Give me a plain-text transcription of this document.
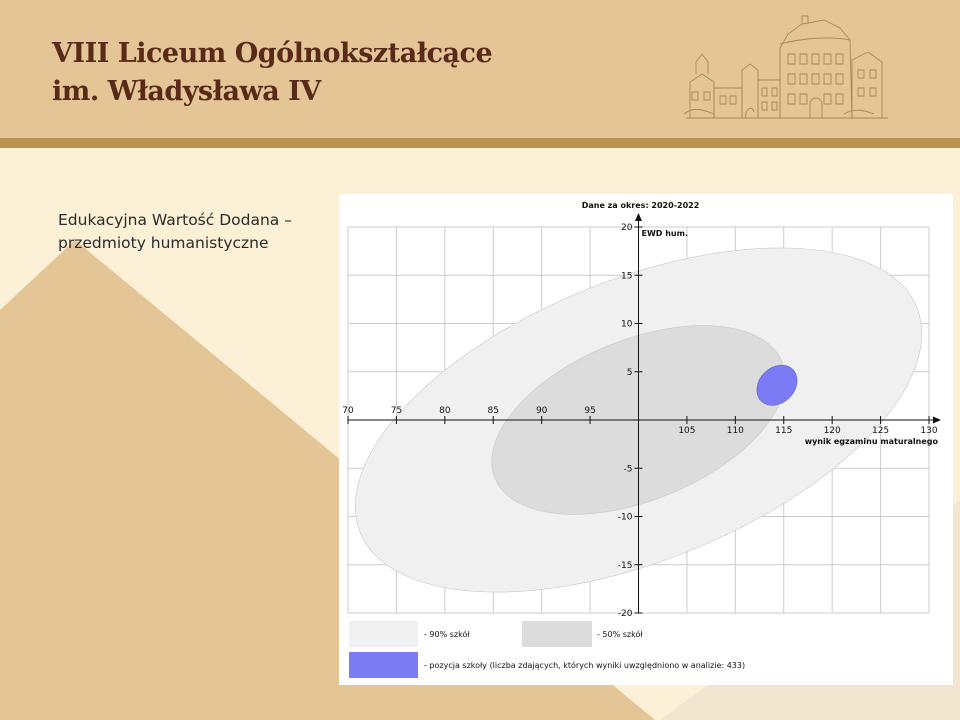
VIII Liceum Ogólnokształcące
im. Władysława IV
Edukacyjna Wartość Dodana –
przedmioty humanistyczne
Dane za okres: 2020-2022
70	75	80	85	90	95
105	110	115	120	125	130
-20
-15
-10
-5
5
10
15
20
wynik egzaminu maturalnego
EWD hum.
- 90% szkół	- 50% szkół
- pozycja szkoły (liczba zdających, których wyniki uwzględniono w analizie: 433)
